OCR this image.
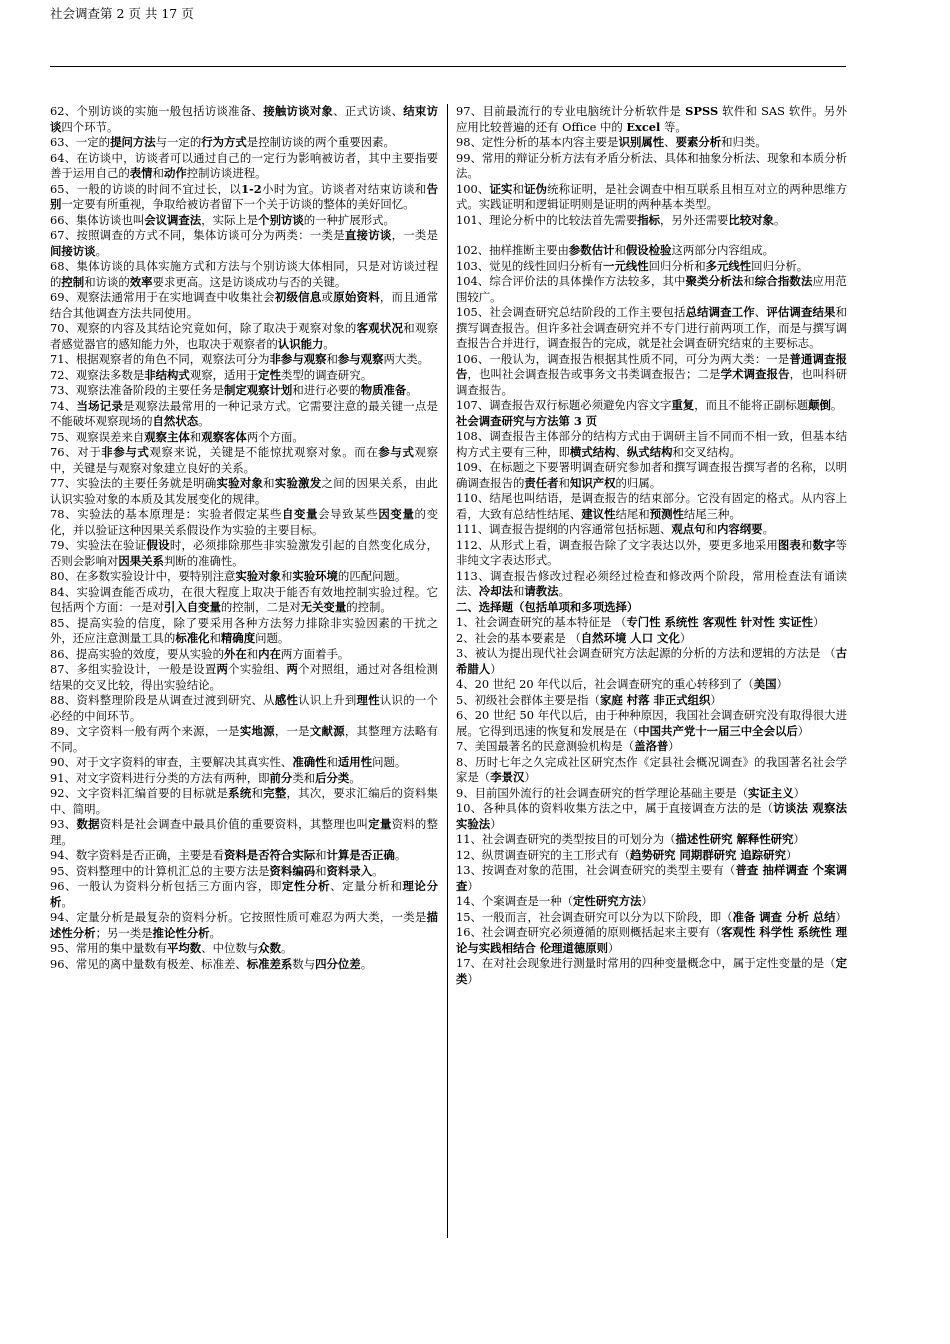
社会调查第 2 页 共 17 页
62、个别访谈的实施一般包括访谈准备、接触访谈对象、正式访谈、结束访谈四个环节。
63、一定的提问方法与一定的行为方式是控制访谈的两个重要因素。
64、在访谈中，访谈者可以通过自己的一定行为影响被访者，其中主要指要善于运用自己的表情和动作控制访谈进程。
65、一般的访谈的时间不宜过长，以1-2小时为宜。访谈者对结束访谈和告别一定要有所重视，争取给被访者留下一个关于访谈的整体的美好回忆。
66、集体访谈也叫会议调查法，实际上是个别访谈的一种扩展形式。
67、按照调查的方式不同，集体访谈可分为两类：一类是直接访谈，一类是间接访谈。
68、集体访谈的具体实施方式和方法与个别访谈大体相同，只是对访谈过程的控制和访谈的效率要求更高。这是访谈成功与否的关键。
69、观察法通常用于在实地调查中收集社会初级信息或原始资料，而且通常结合其他调查方法共同使用。
70、观察的内容及其结论究竟如何，除了取决于观察对象的客观状况和观察者感觉器官的感知能力外，也取决于观察者的认识能力。
71、根据观察者的角色不同，观察法可分为非参与观察和参与观察两大类。
72、观察法多数是非结构式观察，适用于定性类型的调查研究。
73、观察法准备阶段的主要任务是制定观察计划和进行必要的物质准备。
74、当场记录是观察法最常用的一种记录方式。它需要注意的最关键一点是不能破坏观察现场的自然状态。
75、观察误差来自观察主体和观察客体两个方面。
76、对于非参与式观察来说，关键是不能惊扰观察对象。而在参与式观察中，关键是与观察对象建立良好的关系。
77、实验法的主要任务就是明确实验对象和实验激发之间的因果关系，由此认识实验对象的本质及其发展变化的规律。
78、实验法的基本原理是：实验者假定某些自变量会导致某些因变量的变化，并以验证这种因果关系假设作为实验的主要目标。
79、实验法在验证假设时，必须排除那些非实验激发引起的自然变化成分，否则会影响对因果关系判断的准确性。
80、在多数实验设计中，要特别注意实验对象和实验环境的匹配问题。
84、实验调查能否成功，在很大程度上取决于能否有效地控制实验过程。它包括两个方面：一是对引入自变量的控制，二是对无关变量的控制。
85、提高实验的信度，除了要采用各种方法努力排除非实验因素的干扰之外，还应注意测量工具的标准化和精确度问题。
86、提高实验的效度，要从实验的外在和内在两方面着手。
87、多组实验设计，一般是设置两个实验组、两个对照组，通过对各组检测结果的交叉比较，得出实验结论。
88、资料整理阶段是从调查过渡到研究、从感性认识上升到理性认识的一个必经的中间环节。
89、文字资料一般有两个来源，一是实地源，一是文献源，其整理方法略有不同。
90、对于文字资料的审查，主要解决其真实性、准确性和适用性问题。
91、对文字资料进行分类的方法有两种，即前分类和后分类。
92、文字资料汇编首要的目标就是系统和完整，其次，要求汇编后的资料集中、简明。
93、数据资料是社会调查中最具价值的重要资料，其整理也叫定量资料的整理。
94、数字资料是否正确，主要是看资料是否符合实际和计算是否正确。
95、资料整理中的计算机汇总的主要方法是资料编码和资料录入。
96、一般认为资料分析包括三方面内容，即定性分析、定量分析和理论分析。
94、定量分析是最复杂的资料分析。它按照性质可难忍为两大类，一类是描述性分析；另一类是推论性分析。
95、常用的集中量数有平均数、中位数与众数。
96、常见的离中量数有极差、标准差、标准差系数与四分位差。
97、目前最流行的专业电脑统计分析软件是 SPSS 软件和 SAS 软件。另外应用比较普遍的还有 Office 中的 Excel 等。
98、定性分析的基本内容主要是识别属性、要素分析和归类。
99、常用的辩证分析方法有矛盾分析法、具体和抽象分析法、现象和本质分析法。
100、证实和证伪统称证明，是社会调查中相互联系且相互对立的两种思维方式。实践证明和逻辑证明则是证明的两种基本类型。
101、理论分析中的比较法首先需要指标，另外还需要比较对象。
102、抽样推断主要由参数估计和假设检验这两部分内容组成。
103、觉见的线性回归分析有一元线性回归分析和多元线性回归分析。
104、综合评价法的具体操作方法较多，其中聚类分析法和综合指数法应用范围较广。
105、社会调查研究总结阶段的工作主要包括总结调查工作、评估调查结果和撰写调查报告。但许多社会调查研究并不专门进行前两项工作，而是与撰写调查报告合并进行，调查报告的完成，就是社会调查研究结束的主要标志。
106、一般认为，调查报告根据其性质不同，可分为两大类：一是普通调查报告，也叫社会调查报告或事务文书类调查报告；二是学术调查报告，也叫科研调查报告。
107、调查报告双行标题必须避免内容文字重复，而且不能将正副标题颠倒。
社会调查研究与方法第 3 页
108、调查报告主体部分的结构方式由于调研主旨不同而不相一致，但基本结构方式主要有三种，即横式结构、纵式结构和交叉结构。
109、在标题之下要署明调查研究参加者和撰写调查报告撰写者的名称，以明确调查报告的责任者和知识产权的归属。
110、结尾也叫结语，是调查报告的结束部分。它没有固定的格式。从内容上看，大致有总结性结尾、建议性结尾和预测性结尾三种。
111、调查报告提纲的内容通常包括标题、观点句和内容纲要。
112、从形式上看，调查报告除了文字表达以外，要更多地采用图表和数字等非纯文字表达形式。
113、调查报告修改过程必须经过检查和修改两个阶段，常用检查法有诵读法、冷却法和请教法。
二、选择题（包括单项和多项选择）
1、社会调查研究的基本特征是 （专门性 系统性 客观性 针对性 实证性）
2、社会的基本要素是 （自然环境 人口 文化）
3、被认为提出现代社会调查研究方法起源的分析的方法和逻辑的方法是 （古希腊人）
4、20 世纪 20 年代以后，社会调查研究的重心转移到了（美国）
5、初级社会群体主要是指（家庭 村落 非正式组织）
6、20 世纪 50 年代以后，由于种种原因，我国社会调查研究没有取得很大进展。它得到迅速的恢复和发展是在（中国共产党十一届三中全会以后）
7、美国最著名的民意测验机构是（盖洛普）
8、历时七年之久完成社区研究杰作《定县社会概况调查》的我国著名社会学家是（李景汉）
9、目前国外流行的社会调查研究的哲学理论基础主要是（实证主义）
10、各种具体的资料收集方法之中，属于直接调查方法的是（访谈法 观察法 实验法）
11、社会调查研究的类型按目的可划分为（描述性研究 解释性研究）
12、纵贯调查研究的主工形式有（趋势研究 同期群研究 追踪研究）
13、按调查对象的范围，社会调查研究的类型主要有（普查 抽样调查 个案调查）
14、个案调查是一种（定性研究方法）
15、一般而言，社会调查研究可以分为以下阶段，即（准备 调查 分析 总结）
16、社会调查研究必须遵循的原则概括起来主要有（客观性 科学性 系统性 理论与实践相结合 伦理道德原则）
17、在对社会现象进行测量时常用的四种变量概念中，属于定性变量的是（定类）
